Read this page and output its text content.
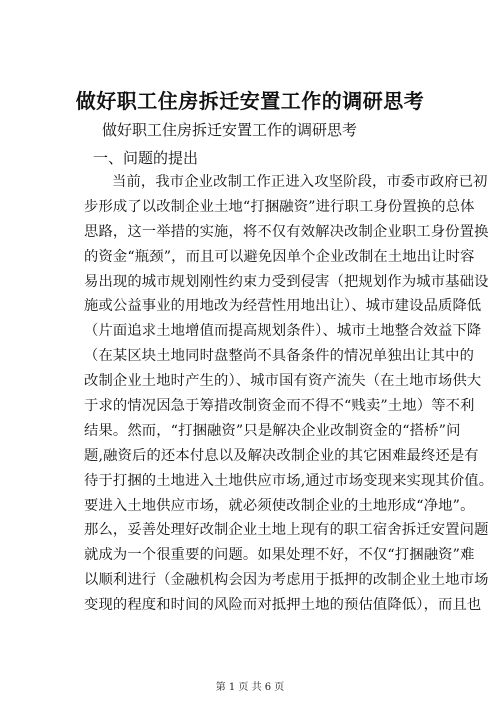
做好职工住房拆迁安置工作的调研思考
做好职工住房拆迁安置工作的调研思考
一、问题的提出
当前，我市企业改制工作正进入攻坚阶段，市委市政府已初
步形成了以改制企业土地“打捆融资”进行职工身份置换的总体
思路，这一举措的实施，将不仅有效解决改制企业职工身份置换
的资金“瓶颈”，而且可以避免因单个企业改制在土地出让时容
易出现的城市规划刚性约束力受到侵害（把规划作为城市基础设
施或公益事业的用地改为经营性用地出让）、城市建设品质降低
（片面追求土地增值而提高规划条件）、城市土地整合效益下降
（在某区块土地同时盘整尚不具备条件的情况单独出让其中的
改制企业土地时产生的）、城市国有资产流失（在土地市场供大
于求的情况因急于筹措改制资金而不得不“贱卖”土地）等不利
结果。然而，“打捆融资”只是解决企业改制资金的“搭桥”问
题,融资后的还本付息以及解决改制企业的其它困难最终还是有
待于打捆的土地进入土地供应市场,通过市场变现来实现其价值。
要进入土地供应市场，就必须使改制企业的土地形成“净地”。
那么，妥善处理好改制企业土地上现有的职工宿舍拆迁安置问题
就成为一个很重要的问题。如果处理不好，不仅“打捆融资”难
以顺利进行（金融机构会因为考虑用于抵押的改制企业土地市场
变现的程度和时间的风险而对抵押土地的预估值降低），而且也
第 1 页 共 6 页
